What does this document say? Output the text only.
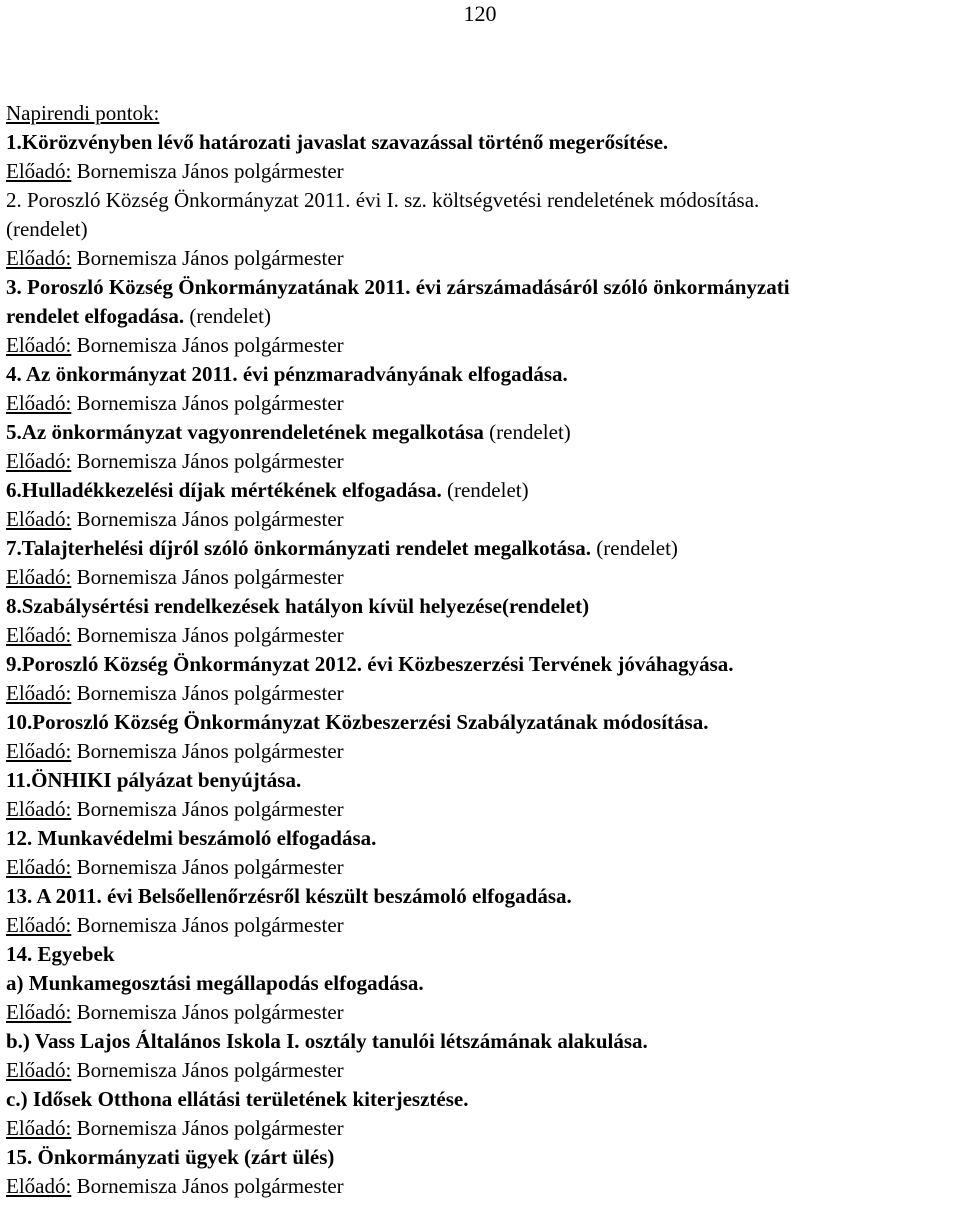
120
Napirendi pontok:
1.Körözvényben lévő határozati javaslat szavazással történő megerősítése.
Előadó: Bornemisza János polgármester
2. Poroszló Község Önkormányzat 2011. évi I. sz. költségvetési rendeletének módosítása.
(rendelet)
Előadó: Bornemisza János polgármester
3. Poroszló Község Önkormányzatának 2011. évi zárszámadásáról szóló önkormányzati
rendelet elfogadása. (rendelet)
Előadó: Bornemisza János polgármester
4. Az önkormányzat 2011. évi pénzmaradványának elfogadása.
Előadó: Bornemisza János polgármester
5.Az önkormányzat vagyonrendeletének megalkotása (rendelet)
Előadó: Bornemisza János polgármester
6.Hulladékkezelési díjak mértékének elfogadása. (rendelet)
Előadó: Bornemisza János polgármester
7.Talajterhelési díjról szóló önkormányzati rendelet megalkotása. (rendelet)
Előadó: Bornemisza János polgármester
8.Szabálysértési rendelkezések hatályon kívül helyezése(rendelet)
Előadó: Bornemisza János polgármester
9.Poroszló Község Önkormányzat 2012. évi Közbeszerzési Tervének jóváhagyása.
Előadó: Bornemisza János polgármester
10.Poroszló Község Önkormányzat Közbeszerzési Szabályzatának módosítása.
Előadó: Bornemisza János polgármester
11.ÖNHIKI pályázat benyújtása.
Előadó: Bornemisza János polgármester
12. Munkavédelmi beszámoló elfogadása.
Előadó: Bornemisza János polgármester
13. A 2011. évi Belsőellenőrzésről készült beszámoló elfogadása.
Előadó: Bornemisza János polgármester
14. Egyebek
a) Munkamegosztási megállapodás elfogadása.
Előadó: Bornemisza János polgármester
b.) Vass Lajos Általános Iskola I. osztály tanulói létszámának alakulása.
Előadó: Bornemisza János polgármester
c.) Idősek Otthona ellátási területének kiterjesztése.
Előadó: Bornemisza János polgármester
15. Önkormányzati ügyek (zárt ülés)
Előadó: Bornemisza János polgármester
